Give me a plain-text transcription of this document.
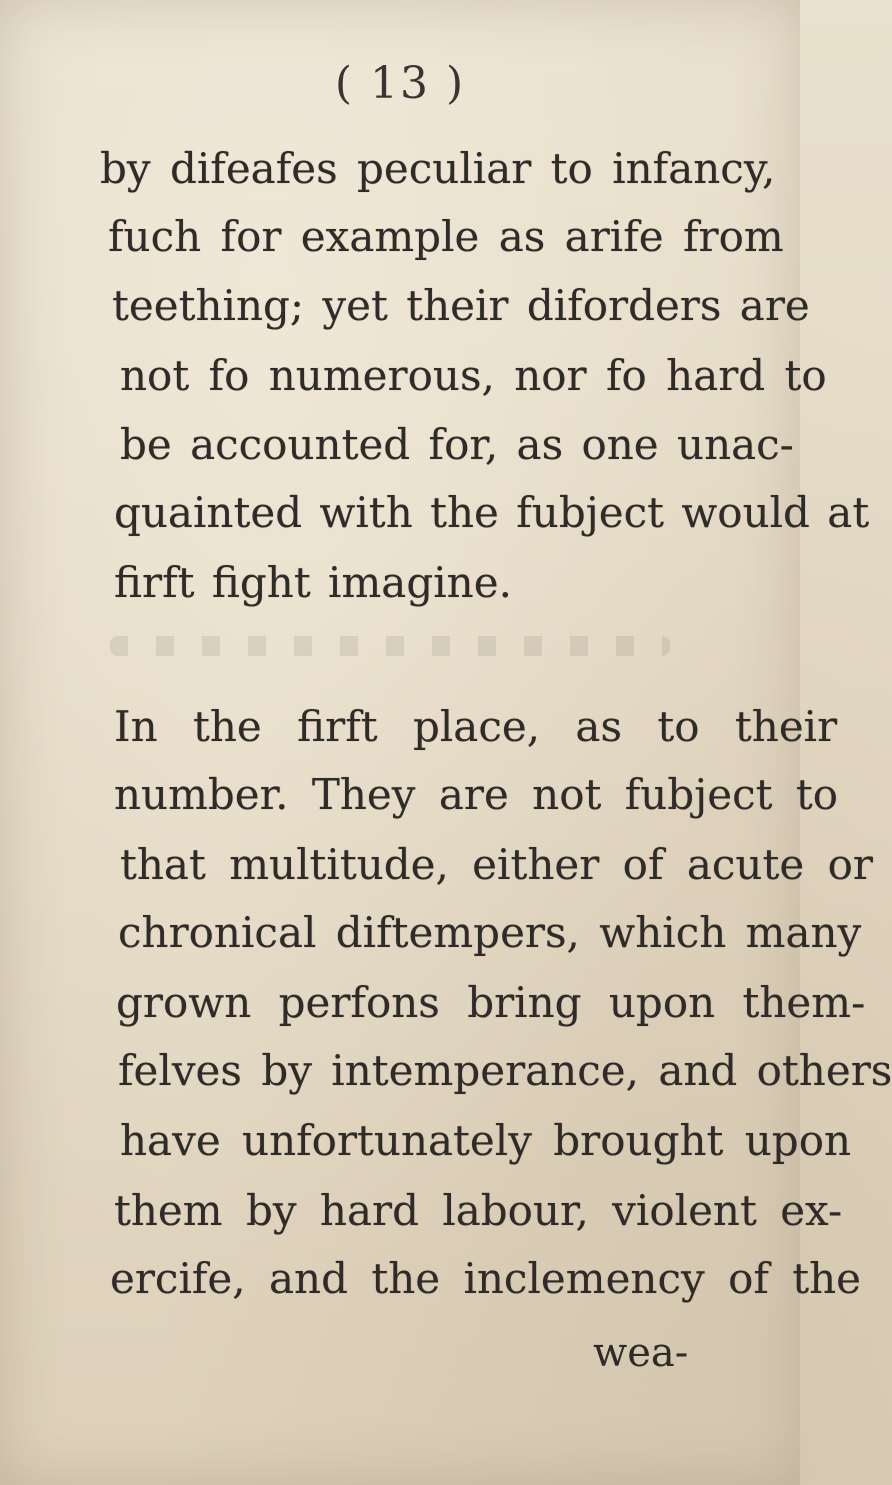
( 13 )
by difeafes peculiar to infancy,
fuch for example as arife from
teething; yet their diforders are
not fo numerous, nor fo hard to
be accounted for, as one unac-
quainted with the fubject would at
firft fight imagine.
In the firft place, as to their
number. They are not fubject to
that multitude, either of acute or
chronical diftempers, which many
grown perfons bring upon them-
felves by intemperance, and others
have unfortunately brought upon
them by hard labour, violent ex-
ercife, and the inclemency of the
wea-
